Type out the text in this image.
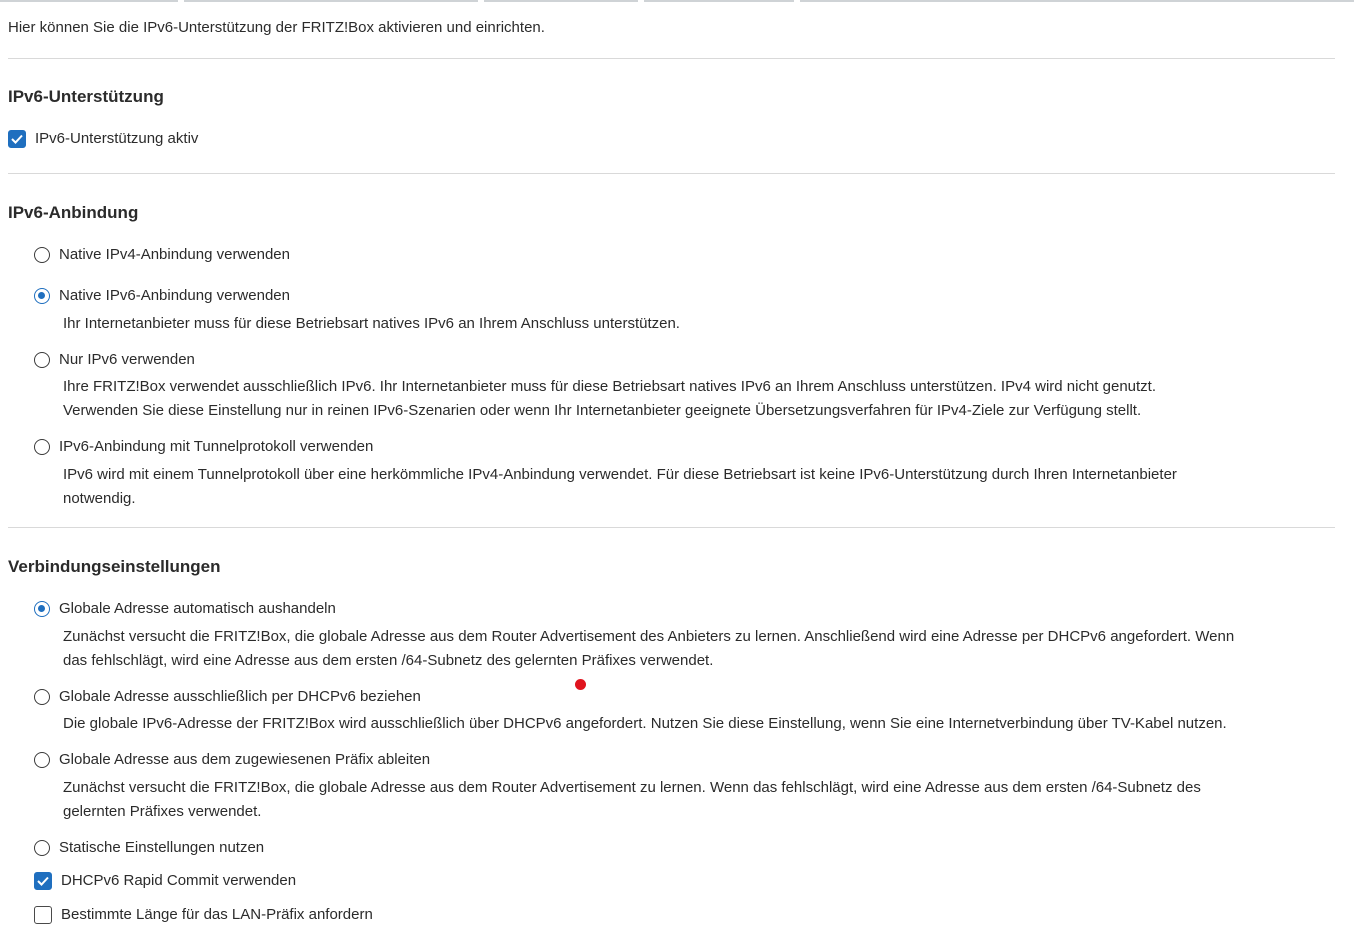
Hier können Sie die IPv6-Unterstützung der FRITZ!Box aktivieren und einrichten.
IPv6-Unterstützung
IPv6-Unterstützung aktiv
IPv6-Anbindung
Native IPv4-Anbindung verwenden
Native IPv6-Anbindung verwenden
Ihr Internetanbieter muss für diese Betriebsart natives IPv6 an Ihrem Anschluss unterstützen.
Nur IPv6 verwenden
Ihre FRITZ!Box verwendet ausschließlich IPv6. Ihr Internetanbieter muss für diese Betriebsart natives IPv6 an Ihrem Anschluss unterstützen. IPv4 wird nicht genutzt.
Verwenden Sie diese Einstellung nur in reinen IPv6-Szenarien oder wenn Ihr Internetanbieter geeignete Übersetzungsverfahren für IPv4-Ziele zur Verfügung stellt.
IPv6-Anbindung mit Tunnelprotokoll verwenden
IPv6 wird mit einem Tunnelprotokoll über eine herkömmliche IPv4-Anbindung verwendet. Für diese Betriebsart ist keine IPv6-Unterstützung durch Ihren Internetanbieter
notwendig.
Verbindungseinstellungen
Globale Adresse automatisch aushandeln
Zunächst versucht die FRITZ!Box, die globale Adresse aus dem Router Advertisement des Anbieters zu lernen. Anschließend wird eine Adresse per DHCPv6 angefordert. Wenn
das fehlschlägt, wird eine Adresse aus dem ersten /64-Subnetz des gelernten Präfixes verwendet.
Globale Adresse ausschließlich per DHCPv6 beziehen
Die globale IPv6-Adresse der FRITZ!Box wird ausschließlich über DHCPv6 angefordert. Nutzen Sie diese Einstellung, wenn Sie eine Internetverbindung über TV-Kabel nutzen.
Globale Adresse aus dem zugewiesenen Präfix ableiten
Zunächst versucht die FRITZ!Box, die globale Adresse aus dem Router Advertisement zu lernen. Wenn das fehlschlägt, wird eine Adresse aus dem ersten /64-Subnetz des
gelernten Präfixes verwendet.
Statische Einstellungen nutzen
DHCPv6 Rapid Commit verwenden
Bestimmte Länge für das LAN-Präfix anfordern
